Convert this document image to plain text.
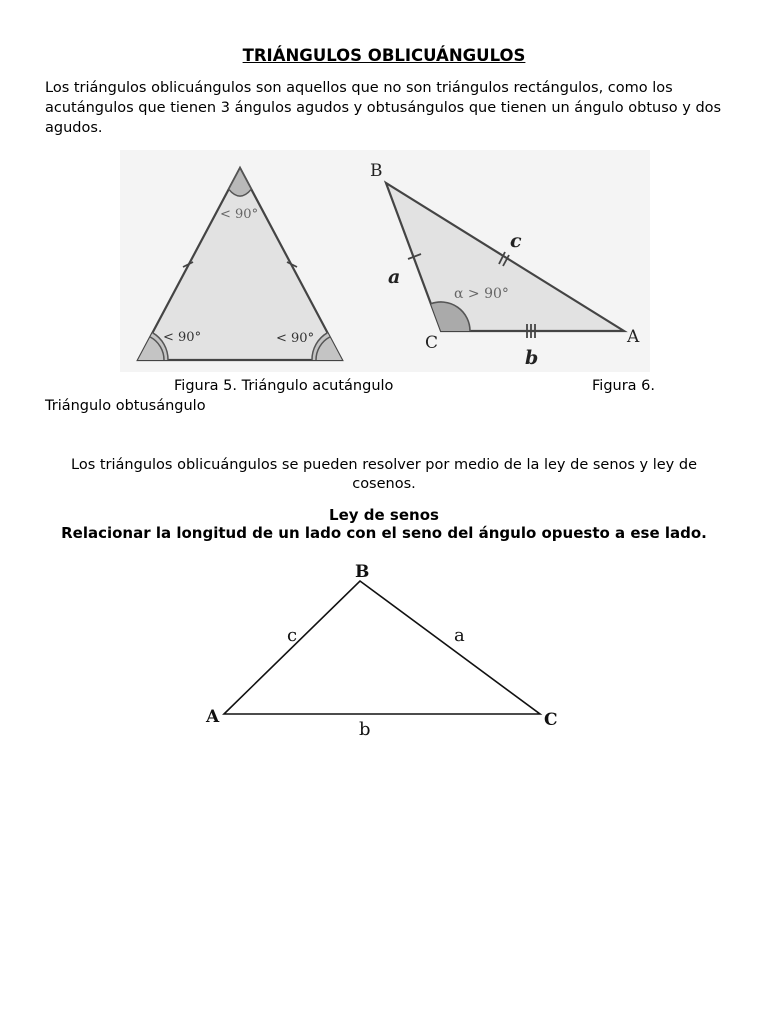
TRIÁNGULOS OBLICUÁNGULOS
Los triángulos oblicuángulos son aquellos que no son triángulos rectángulos, como los acutángulos que tienen 3 ángulos agudos y obtusángulos que tienen un ángulo obtuso y dos agudos.
< 90°
< 90°	< 90°
B
C	A
a
c
b
α > 90°
Figura 5. Triángulo acutángulo	Figura 6.
Triángulo obtusángulo
Los triángulos oblicuángulos se pueden resolver por medio de la ley de senos y ley de cosenos.
Ley de senos
Relacionar la longitud de un lado con el seno del ángulo opuesto a ese lado.
A
B
C
c	a
b
